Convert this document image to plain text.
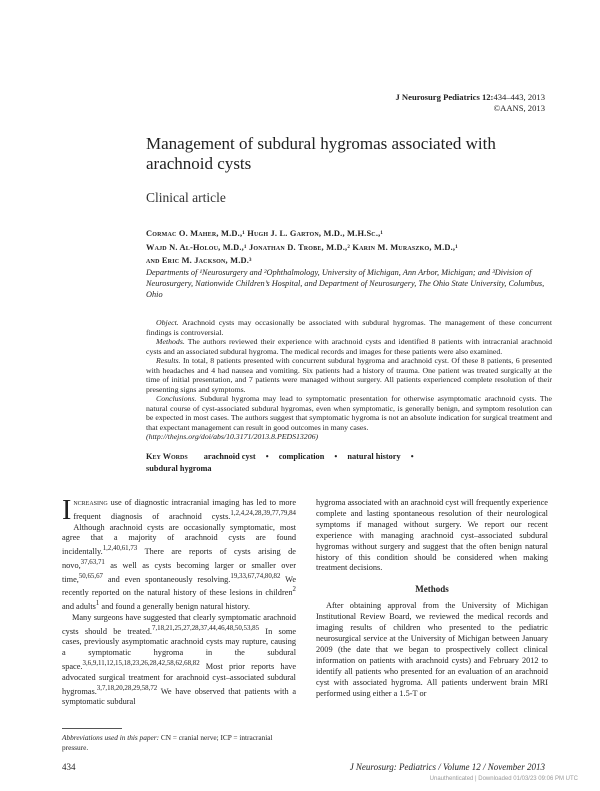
J Neurosurg Pediatrics 12:434–443, 2013
©AANS, 2013
Management of subdural hygromas associated with arachnoid cysts
Clinical article
Cormac O. Maher, M.D.,¹ Hugh J. L. Garton, M.D., M.H.Sc.,¹
Wajd N. Al-Holou, M.D.,¹ Jonathan D. Trobe, M.D.,² Karin M. Muraszko, M.D.,¹
and Eric M. Jackson, M.D.³
Departments of ¹Neurosurgery and ²Ophthalmology, University of Michigan, Ann Arbor, Michigan; and ³Division of Neurosurgery, Nationwide Children’s Hospital, and Department of Neurosurgery, The Ohio State University, Columbus, Ohio

Object. Arachnoid cysts may occasionally be associated with subdural hygromas. The management of these concurrent findings is controversial.

Methods. The authors reviewed their experience with arachnoid cysts and identified 8 patients with intracranial arachnoid cysts and an associated subdural hygroma. The medical records and images for these patients were also examined.

Results. In total, 8 patients presented with concurrent subdural hygroma and arachnoid cyst. Of these 8 patients, 6 presented with headaches and 4 had nausea and vomiting. Six patients had a history of trauma. One patient was treated surgically at the time of initial presentation, and 7 patients were managed without surgery. All patients experienced complete resolution of their presenting signs and symptoms.

Conclusions. Subdural hygroma may lead to symptomatic presentation for otherwise asymptomatic arachnoid cysts. The natural course of cyst-associated subdural hygromas, even when symptomatic, is generally benign, and symptom resolution can be expected in most cases. The authors suggest that symptomatic hygroma is not an absolute indication for surgical treatment and that expectant management can result in good outcomes in many cases.
(http://thejns.org/doi/abs/10.3171/2013.8.PEDS13206)

Key Words arachnoid cyst • complication • natural history •
subdural hygroma

Increasing use of diagnostic intracranial imaging has led to more frequent diagnosis of arachnoid cysts.$^{1,2,4,24,28,39,77,79,84}$ Although arachnoid cysts are occasionally symptomatic, most agree that a majority of arachnoid cysts are found incidentally.$^{1,2,40,61,73}$ There are reports of cysts arising de novo,$^{37,63,71}$ as well as cysts becoming larger or smaller over time,$^{50,65,67}$ and even spontaneously resolving.$^{19,33,67,74,80,82}$ We recently reported on the natural history of these lesions in children$^2$ and adults$^1$ and found a generally benign natural history.

Many surgeons have suggested that clearly symptomatic arachnoid cysts should be treated.$^{7,18,21,25,27,28,37,44,46,48,50,53,85}$ In some cases, previously asymptomatic arachnoid cysts may rupture, causing a symptomatic hygroma in the subdural space.$^{3,6,9,11,12,15,18,23,26,28,42,58,62,68,82}$ Most prior reports have advocated surgical treatment for arachnoid cyst–associated subdural hygromas.$^{3,7,18,20,28,29,58,72}$ We have observed that patients with a symptomatic subdural

hygroma associated with an arachnoid cyst will frequently experience complete and lasting spontaneous resolution of their neurological symptoms if managed without surgery. We report our recent experience with managing arachnoid cyst–associated subdural hygromas without surgery and suggest that the often benign natural history of this condition should be considered when making treatment decisions.

Methods

After obtaining approval from the University of Michigan Institutional Review Board, we reviewed the medical records and imaging results of children who presented to the pediatric neurosurgical service at the University of Michigan between January 2009 (the date that we began to prospectively collect clinical information on patients with arachnoid cysts) and February 2012 to identify all patients who presented for an evaluation of an arachnoid cyst with associated hygroma. All patients underwent brain MRI performed using either a 1.5-T or

Abbreviations used in this paper: CN = cranial nerve; ICP = intracranial pressure.
434	J Neurosurg: Pediatrics / Volume 12 / November 2013
Unauthenticated | Downloaded 01/03/23 09:06 PM UTC
